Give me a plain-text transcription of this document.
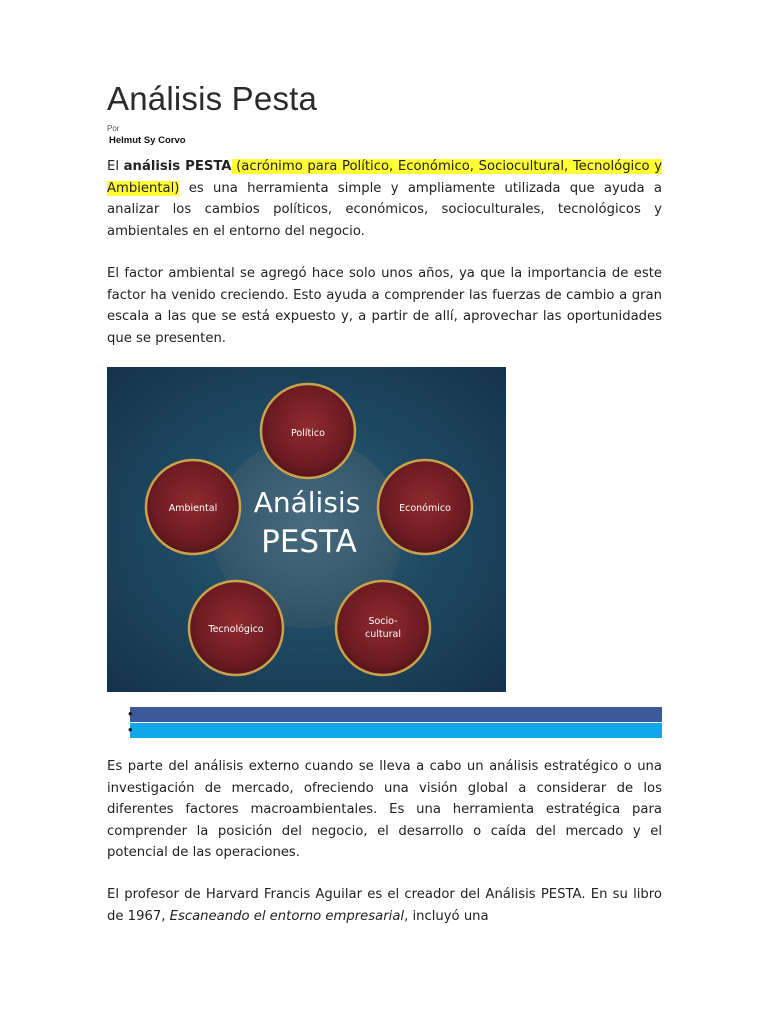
Análisis Pesta
Por
Helmut Sy Corvo

El análisis PESTA (acrónimo para Político, Económico, Sociocultural, Tecnológico y Ambiental) es una herramienta simple y ampliamente utilizada que ayuda a analizar los cambios políticos, económicos, socioculturales, tecnológicos y ambientales en el entorno del negocio.

El factor ambiental se agregó hace solo unos años, ya que la importancia de este factor ha venido creciendo. Esto ayuda a comprender las fuerzas de cambio a gran escala a las que se está expuesto y, a partir de allí, aprovechar las oportunidades que se presenten.

Análisis
PESTA
Político
Económico
Socio-
cultural
Tecnológico
Ambiental
•
•

Es parte del análisis externo cuando se lleva a cabo un análisis estratégico o una investigación de mercado, ofreciendo una visión global a considerar de los diferentes factores macroambientales. Es una herramienta estratégica para comprender la posición del negocio, el desarrollo o caída del mercado y el potencial de las operaciones.

El profesor de Harvard Francis Aguilar es el creador del Análisis PESTA. En su libro de 1967, Escaneando el entorno empresarial, incluyó una
